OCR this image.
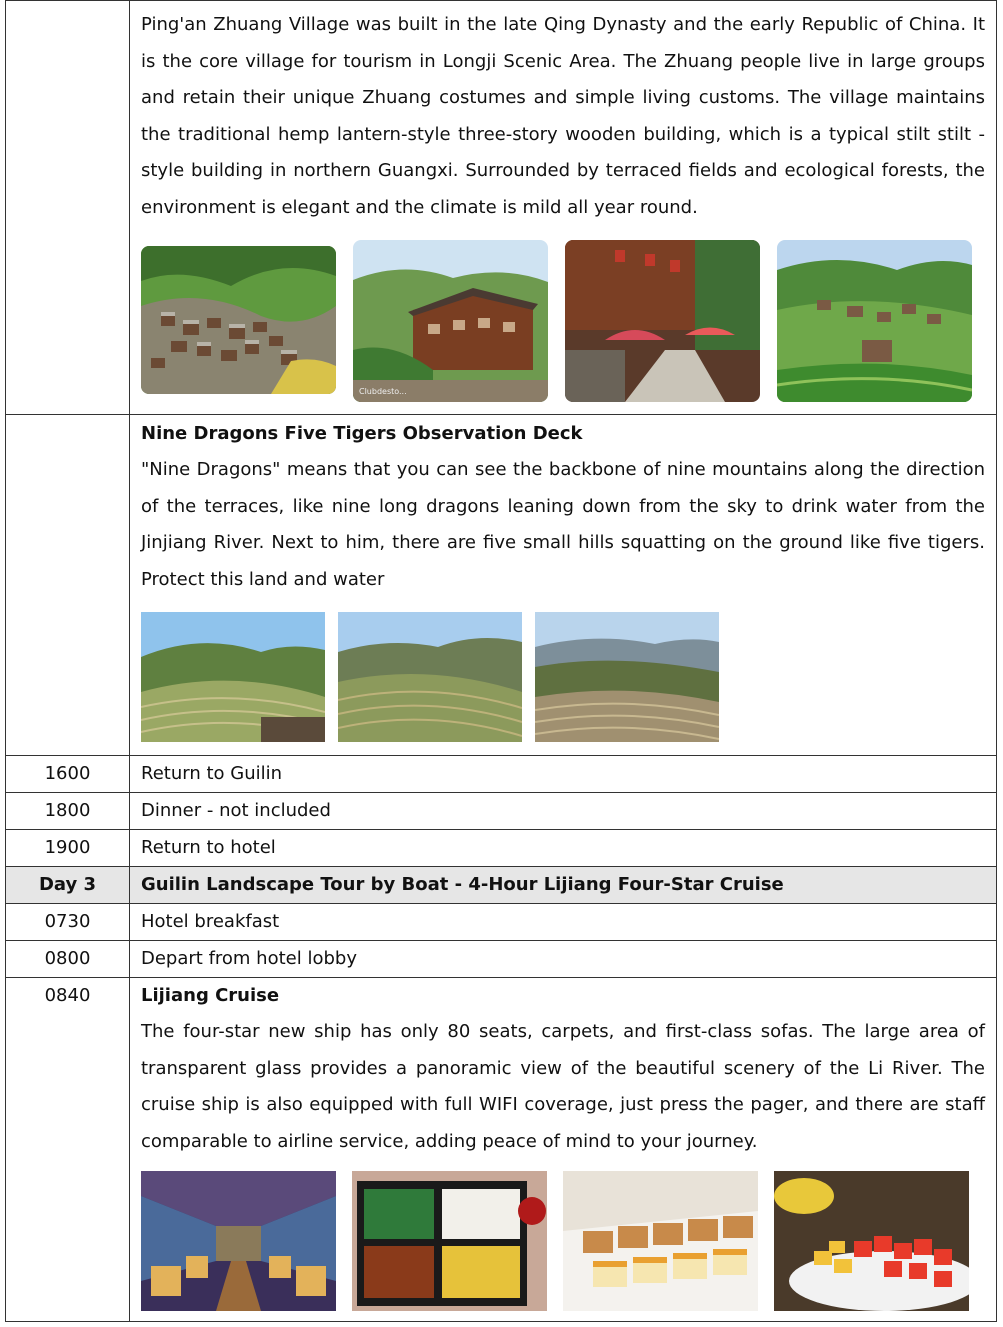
	Ping'an Zhuang Village was built in the late Qing Dynasty and the early Republic of China. It is the core village for tourism in Longji Scenic Area. The Zhuang people live in large groups and retain their unique Zhuang costumes and simple living customs. The village maintains the traditional hemp lantern-style three-story wooden building, which is a typical stilt stilt -style building in northern Guangxi. Surrounded by terraced fields and ecological forests, the environment is elegant and the climate is mild all year round.
Clubdesto...

	Nine Dragons Five Tigers Observation Deck
"Nine Dragons" means that you can see the backbone of nine mountains along the direction of the terraces, like nine long dragons leaning down from the sky to drink water from the Jinjiang River. Next to him, there are five small hills squatting on the ground like five tigers. Protect this land and water

1600	Return to Guilin
1800	Dinner - not included
1900	Return to hotel
Day 3	Guilin Landscape Tour by Boat - 4-Hour Lijiang Four-Star Cruise
0730	Hotel breakfast
0800	Depart from hotel lobby
0840	Lijiang Cruise
The four-star new ship has only 80 seats, carpets, and first-class sofas. The large area of transparent glass provides a panoramic view of the beautiful scenery of the Li River. The cruise ship is also equipped with full WIFI coverage, just press the pager, and there are staff comparable to airline service, adding peace of mind to your journey.
